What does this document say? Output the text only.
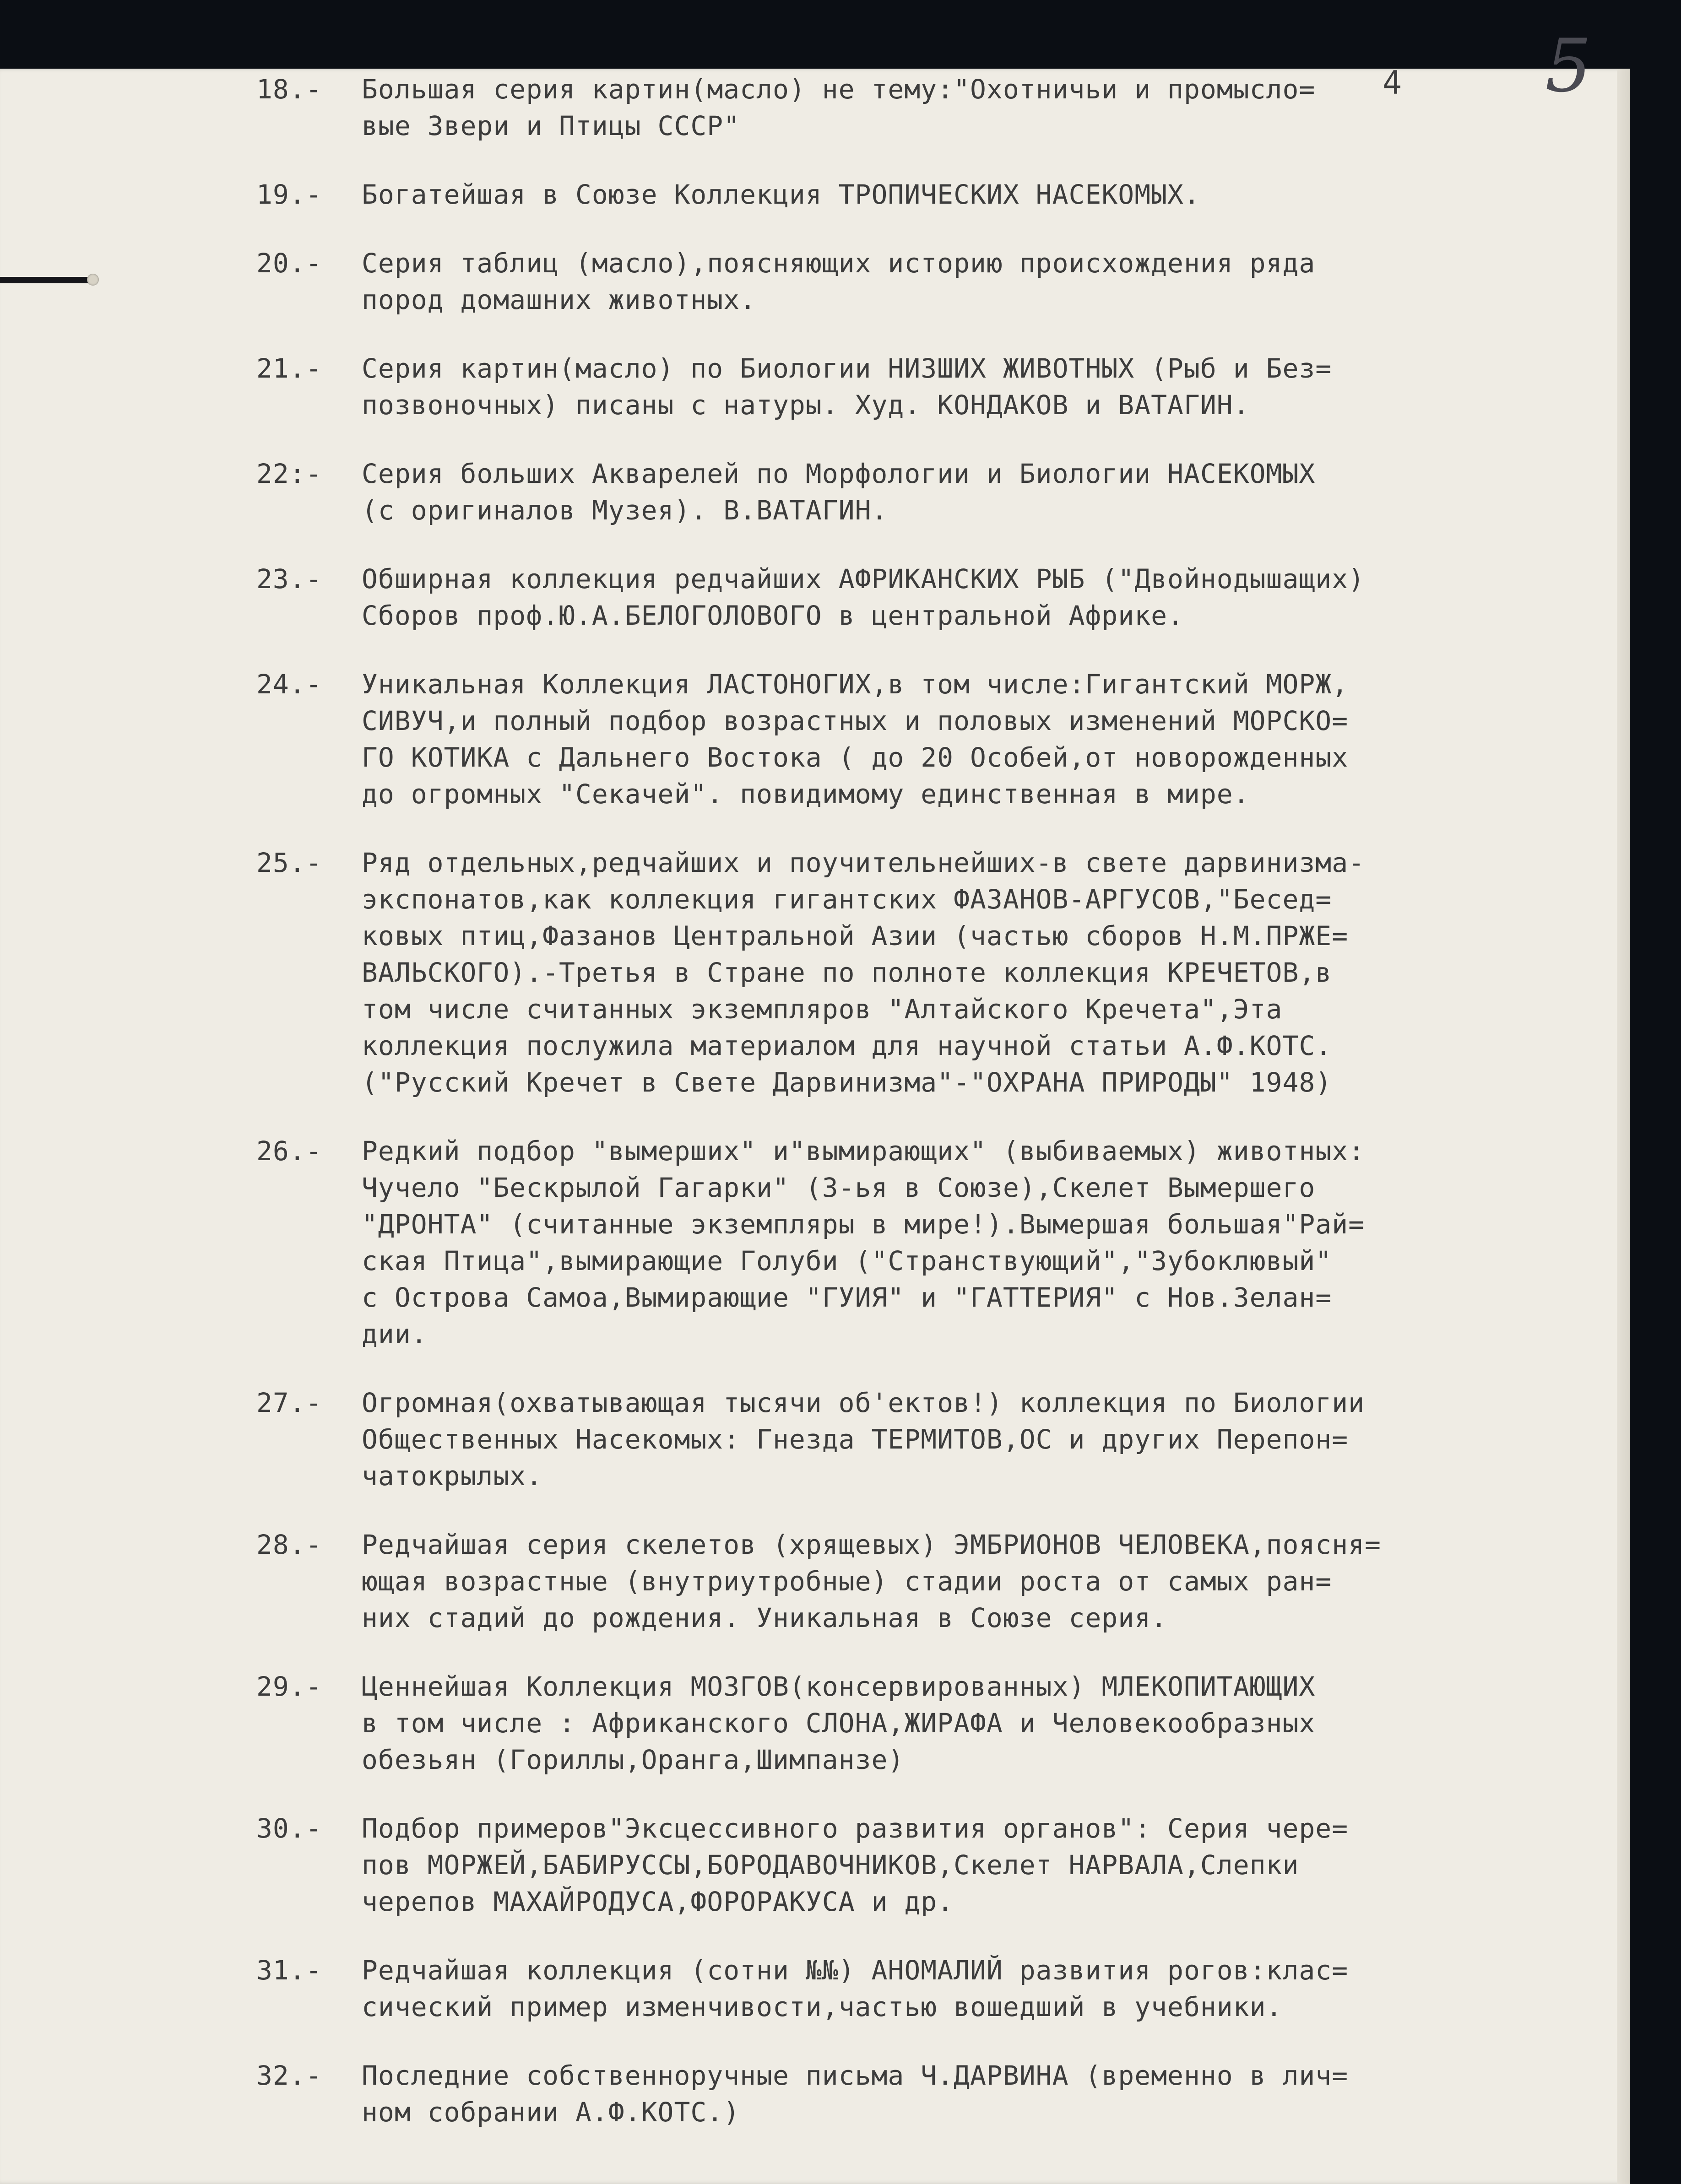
5
4
18.- Большая серия картин(масло) не тему:"Охотничьи и промысло=
вые Звери и Птицы СССР"
19.- Богатейшая в Союзе Коллекция ТРОПИЧЕСКИХ НАСЕКОМЫХ.
20.- Серия таблиц (масло),поясняющих историю происхождения ряда
пород домашних животных.
21.- Серия картин(масло) по Биологии НИЗШИХ ЖИВОТНЫХ (Рыб и Без=
позвоночных) писаны с натуры. Худ. КОНДАКОВ и ВАТАГИН.
22:- Серия больших Акварелей по Морфологии и Биологии НАСЕКОМЫХ
(с оригиналов Музея). В.ВАТАГИН.
23.- Обширная коллекция редчайших АФРИКАНСКИХ РЫБ ("Двойнодышащих)
Сборов проф.Ю.А.БЕЛОГОЛОВОГО в центральной Африке.
24.- Уникальная Коллекция ЛАСТОНОГИХ,в том числе:Гигантский МОРЖ,
СИВУЧ,и полный подбор возрастных и половых изменений МОРСКО=
ГО КОТИКА с Дальнего Востока ( до 20 Особей,от новорожденных
до огромных "Секачей". повидимому единственная в мире.
25.- Ряд отдельных,редчайших и поучительнейших-в свете дарвинизма-
экспонатов,как коллекция гигантских ФАЗАНОВ-АРГУСОВ,"Бесед=
ковых птиц,Фазанов Центральной Азии (частью сборов Н.М.ПРЖЕ=
ВАЛЬСКОГО).-Третья в Стране по полноте коллекция КРЕЧЕТОВ,в
том числе считанных экземпляров "Алтайского Кречета",Эта
коллекция послужила материалом для научной статьи А.Ф.КОТС.
("Русский Кречет в Свете Дарвинизма"-"ОХРАНА ПРИРОДЫ" 1948)
26.- Редкий подбор "вымерших" и"вымирающих" (выбиваемых) животных:
Чучело "Бескрылой Гагарки" (3-ья в Союзе),Скелет Вымершего
"ДРОНТА" (считанные экземпляры в мире!).Вымершая большая"Рай=
ская Птица",вымирающие Голуби ("Странствующий","Зубоклювый"
с Острова Самоа,Вымирающие "ГУИЯ" и "ГАТТЕРИЯ" с Нов.Зелан=
дии.
27.- Огромная(охватывающая тысячи об'ектов!) коллекция по Биологии
Общественных Насекомых: Гнезда ТЕРМИТОВ,ОС и других Перепон=
чатокрылых.
28.- Редчайшая серия скелетов (хрящевых) ЭМБРИОНОВ ЧЕЛОВЕКА,поясня=
ющая возрастные (внутриутробные) стадии роста от самых ран=
них стадий до рождения. Уникальная в Союзе серия.
29.- Ценнейшая Коллекция МОЗГОВ(консервированных) МЛЕКОПИТАЮЩИХ
в том числе : Африканского СЛОНА,ЖИРАФА и Человекообразных
обезьян (Гориллы,Оранга,Шимпанзе)
30.- Подбор примеров"Эксцессивного развития органов": Серия чере=
пов МОРЖЕЙ,БАБИРУССЫ,БОРОДАВОЧНИКОВ,Скелет НАРВАЛА,Слепки
черепов МАХАЙРОДУСА,ФОРОРАКУСА и др.
31.- Редчайшая коллекция (сотни №№) АНОМАЛИЙ развития рогов:клас=
сический пример изменчивости,частью вошедший в учебники.
32.- Последние собственноручные письма Ч.ДАРВИНА (временно в лич=
ном собрании А.Ф.КОТС.)
